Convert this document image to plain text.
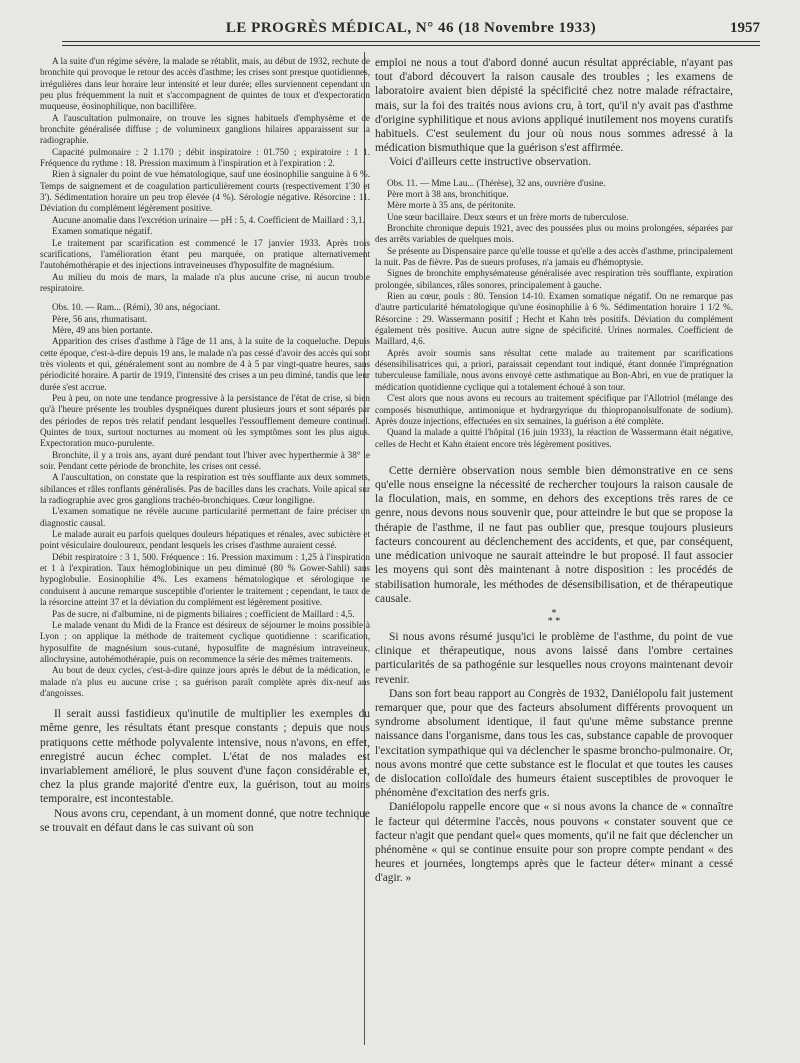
LE PROGRÈS MÉDICAL, N° 46 (18 Novembre 1933)	1957

A la suite d'un régime sévère, la malade se rétablit, mais, au début de 1932, rechute de bronchite qui provoque le retour des accès d'asthme; les crises sont presque quotidiennes, irrégulières dans leur horaire leur intensité et leur durée; elles surviennent cependant un peu plus fréquemment la nuit et s'accompagnent de quintes de toux et d'expectoration muqueuse, éosinophilique, non bacillifère.

A l'auscultation pulmonaire, on trouve les signes habituels d'emphysème et de bronchite généralisée diffuse ; de volumineux ganglions hilaires apparaissent sur la radiographie.

Capacité pulmonaire : 2 1.170 ; débit inspiratoire : 01.750 ; expiratoire : 1 1. Fréquence du rythme : 18. Pression maximum à l'inspiration et à l'expiration : 2.

Rien à signaler du point de vue hématologique, sauf une éosinophilie sanguine à 6 %. Temps de saignement et de coagulation particulièrement courts (respectivement 1'30 et 3'). Sédimentation horaire un peu trop élevée (4 %). Sérologie négative. Résorcine : 11. Déviation du complément légèrement positive.

Aucune anomalie dans l'excrétion urinaire — pH : 5, 4. Coefficient de Maillard : 3,1.

Examen somatique négatif.

Le traitement par scarification est commencé le 17 janvier 1933. Après trois scarifications, l'amélioration étant peu marquée, on pratique alternativement l'autohémothérapie et des injections intraveineuses d'hyposulfite de magnésium.

Au milieu du mois de mars, la malade n'a plus aucune crise, ni aucun trouble respiratoire.

Obs. 10. — Ram... (Rémi), 30 ans, négociant.

Père, 56 ans, rhumatisant.

Mère, 49 ans bien portante.

Apparition des crises d'asthme à l'âge de 11 ans, à la suite de la coqueluche. Depuis cette époque, c'est-à-dire depuis 19 ans, le malade n'a pas cessé d'avoir des accès qui sont très violents et qui, généralement sont au nombre de 4 à 5 par vingt-quatre heures, sans périodicité horaire. A partir de 1919, l'intensité des crises a un peu diminé, tandis que leur durée s'est accrue.

Peu à peu, on note une tendance progressive à la persistance de l'état de crise, si bien qu'à l'heure présente les troubles dyspnéiques durent plusieurs jours et sont séparés par des périodes de repos très relatif pendant lesquelles l'essoufflement demeure continuel. Quintes de toux, surtout nocturnes au moment où les symptômes sont les plus aigus. Expectoration muco-purulente.

Bronchite, il y a trois ans, ayant duré pendant tout l'hiver avec hyperthermie à 38° le soir. Pendant cette période de bronchite, les crises ont cessé.

A l'auscultation, on constate que la respiration est très soufflante aux deux sommets, sibilances et râles ronflants généralisés. Pas de bacilles dans les crachats. Voile apical sur la radiographie avec gros ganglions trachéo-bronchiques. Cœur longiligne.

L'examen somatique ne révèle aucune particularité permettant de faire préciser un diagnostic causal.

Le malade aurait eu parfois quelques douleurs hépatiques et rénales, avec subictère et point vésiculaire douloureux, pendant lesquels les crises d'asthme auraient cessé.

Débit respiratoire : 3 1, 500. Fréquence : 16. Pression maximum : 1,25 à l'inspiration et 1 à l'expiration. Taux hémoglobinique un peu diminué (80 % Gower-Sahli) sans hypoglobulie. Eosinophilie 4%. Les examens hématologique et sérologique ne conduisent à aucune remarque susceptible d'orienter le traitement ; cependant, le taux de la résorcine atteint 37 et la déviation du complément est légèrement positive.

Pas de sucre, ni d'albumine, ni de pigments biliaires ; coefficient de Maillard : 4,5.

Le malade venant du Midi de la France est désireux de séjourner le moins possible à Lyon ; on applique la méthode de traitement cyclique quotidienne : scarification, hyposulfite de magnésium sous-cutané, hyposulfite de magnésium intraveineux, allochrysine, autohémothérapie, puis on recommence la série des mêmes traitements.

Au bout de deux cycles, c'est-à-dire quinze jours après le début de la médication, le malade n'a plus eu aucune crise ; sa guérison paraît complète après dix-neuf ans d'angoisses.

Il serait aussi fastidieux qu'inutile de multiplier les exemples du même genre, les résultats étant presque constants ; depuis que nous pratiquons cette méthode polyvalente intensive, nous n'avons, en effet, enregistré aucun échec complet. L'état de nos malades est invariablement amélioré, le plus souvent d'une façon considérable et, chez la plus grande majorité d'entre eux, la guérison, tout au moins temporaire, est incontestable.

Nous avons cru, cependant, à un moment donné, que notre technique se trouvait en défaut dans le cas suivant où son

emploi ne nous a tout d'abord donné aucun résultat appréciable, n'ayant pas tout d'abord découvert la raison causale des troubles ; les examens de laboratoire avaient bien dépisté la spécificité chez notre malade réfractaire, mais, sur la foi des traités nous avions cru, à tort, qu'il n'y avait pas d'asthme d'origine syphilitique et nous avions appliqué inutilement nos moyens curatifs habituels. C'est seulement du jour où nous nous sommes adressé à la médication bismuthique que la guérison s'est affirmée.

Voici d'ailleurs cette instructive observation.

Obs. 11. — Mme Lau... (Thérèse), 32 ans, ouvrière d'usine.

Père mort à 38 ans, bronchitique.

Mère morte à 35 ans, de péritonite.

Une sœur bacillaire. Deux sœurs et un frère morts de tuberculose.

Bronchite chronique depuis 1921, avec des poussées plus ou moins prolongées, séparées par des arrêts variables de quelques mois.

Se présente au Dispensaire parce qu'elle tousse et qu'elle a des accès d'asthme, principalement la nuit. Pas de fièvre. Pas de sueurs profuses, n'a jamais eu d'hémoptysie.

Signes de bronchite emphysémateuse généralisée avec respiration très soufflante, expiration prolongée, sibilances, râles sonores, principalement à gauche.

Rien au cœur, pouls : 80. Tension 14-10. Examen somatique négatif. On ne remarque pas d'autre particularité hématologique qu'une éosinophilie à 6 %. Sédimentation horaire 1 1/2 %. Résorcine : 29. Wassermann positif ; Hecht et Kahn très positifs. Déviation du complément également très positive. Aucun autre signe de spécificité. Urines normales. Coefficient de Maillard, 4,6.

Après avoir soumis sans résultat cette malade au traitement par scarifications désensibilisatrices qui, a priori, paraissait cependant tout indiqué, étant donnée l'imprégnation tuberculeuse familiale, nous avons envoyé cette asthmatique au Bon-Abri, en vue de pratiquer la médication quotidienne cyclique qui a totalement échoué à son tour.

C'est alors que nous avons eu recours au traitement spécifique par l'Allotriol (mélange des composés bismuthique, antimonique et hydrargyrique du thiopropanolsulfonate de sodium). Après douze injections, effectuées en six semaines, la guérison a été complète.

Quand la malade a quitté l'hôpital (16 juin 1933), la réaction de Wassermann était négative, celles de Hecht et Kahn étaient encore très légèrement positives.

Cette dernière observation nous semble bien démonstrative en ce sens qu'elle nous enseigne la nécessité de rechercher toujours la raison causale de la floculation, mais, en somme, en dehors des exceptions très rares de ce genre, nous devons nous souvenir que, pour atteindre le but que se propose la thérapie de l'asthme, il ne faut pas oublier que, presque toujours plusieurs facteurs concourent au déclenchement des accidents, et que, par conséquent, une médication univoque ne saurait atteindre le but proposé. Il faut associer les moyens qui sont dès maintenant à notre disposition : les procédés de stabilisation humorale, les méthodes de désensibilisation, et de thérapeutique causale.

*
* *

Si nous avons résumé jusqu'ici le problème de l'asthme, du point de vue clinique et thérapeutique, nous avons laissé dans l'ombre certaines particularités de sa pathogénie sur lesquelles nous croyons maintenant devoir revenir.

Dans son fort beau rapport au Congrès de 1932, Daniélopolu fait justement remarquer que, pour que des facteurs absolument différents provoquent un syndrome absolument identique, il faut qu'une même substance prenne naissance dans l'organisme, dans tous les cas, substance capable de provoquer l'excitation sympathique qui va déclencher le spasme broncho-pulmonaire. Or, nous avons montré que cette substance est le floculat et que toutes les causes de dislocation colloïdale des humeurs étaient susceptibles de provoquer le phénomène d'excitation des nerfs gris.

Daniélopolu rappelle encore que « si nous avons la chance de « connaître le facteur qui détermine l'accès, nous pouvons « constater souvent que ce facteur n'agit que pendant quel« ques moments, qu'il ne fait que déclencher un phénomène « qui se continue ensuite pour son propre compte pendant « des heures et journées, longtemps après que le facteur déter« minant a cessé d'agir. »
